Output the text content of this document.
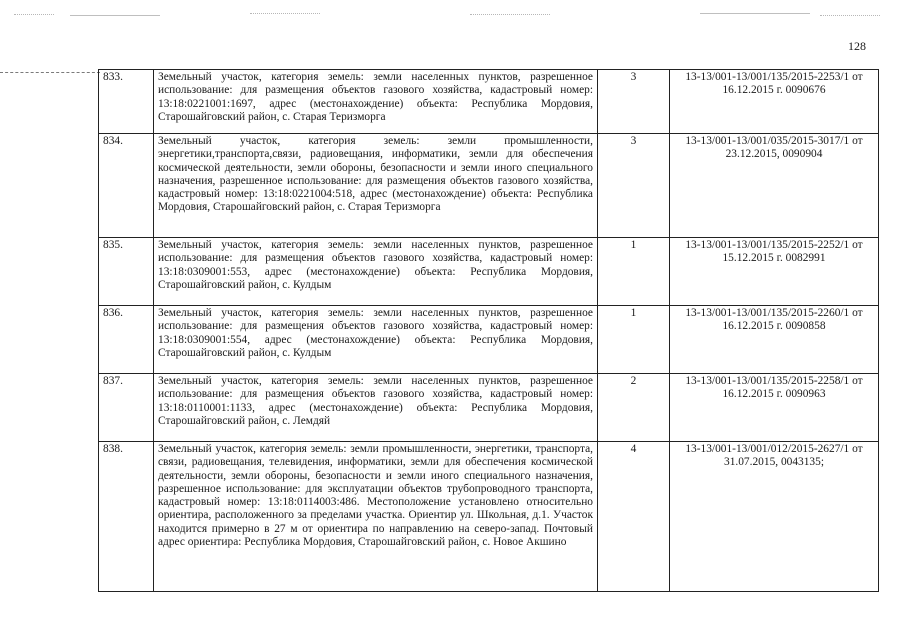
128
833.	Земельный участок, категория земель: земли населенных пунктов, разрешенное использование: для размещения объектов газового хозяйства, кадастровый номер: 13:18:0221001:1697, адрес (местонахождение) объекта: Республика Мордовия, Старошайговский район, с. Старая Теризморга	3	13-13/001-13/001/135/2015-2253/1 от 16.12.2015 г. 0090676
834.	Земельный участок, категория земель: земли промышленности, энергетики,транспорта,связи, радиовещания, информатики, земли для обеспечения космической деятельности, земли обороны, безопасности и земли иного специального назначения, разрешенное использование: для размещения объектов газового хозяйства, кадастровый номер: 13:18:0221004:518, адрес (местонахождение) объекта: Республика Мордовия, Старошайговский район, с. Старая Теризморга	3	13-13/001-13/001/035/2015-3017/1 от 23.12.2015, 0090904
835.	Земельный участок, категория земель: земли населенных пунктов, разрешенное использование: для размещения объектов газового хозяйства, кадастровый номер: 13:18:0309001:553, адрес (местонахождение) объекта: Республика Мордовия, Старошайговский район, с. Кулдым	1	13-13/001-13/001/135/2015-2252/1 от 15.12.2015 г. 0082991
836.	Земельный участок, категория земель: земли населенных пунктов, разрешенное использование: для размещения объектов газового хозяйства, кадастровый номер: 13:18:0309001:554, адрес (местонахождение) объекта: Республика Мордовия, Старошайговский район, с. Кулдым	1	13-13/001-13/001/135/2015-2260/1 от 16.12.2015 г. 0090858
837.	Земельный участок, категория земель: земли населенных пунктов, разрешенное использование: для размещения объектов газового хозяйства, кадастровый номер: 13:18:0110001:1133, адрес (местонахождение) объекта: Республика Мордовия, Старошайговский район, с. Лемдяй	2	13-13/001-13/001/135/2015-2258/1 от 16.12.2015 г. 0090963
838.	Земельный участок, категория земель: земли промышленности, энергетики, транспорта, связи, радиовещания, телевидения, информатики, земли для обеспечения космической деятельности, земли обороны, безопасности и земли иного специального назначения, разрешенное использование: для эксплуатации объектов трубопроводного транспорта, кадастровый номер: 13:18:0114003:486. Местоположение установлено относительно ориентира, расположенного за пределами участка. Ориентир ул. Школьная, д.1. Участок находится примерно в 27 м от ориентира по направлению на северо-запад. Почтовый адрес ориентира: Республика Мордовия, Старошайговский район, с. Новое Акшино	4	13-13/001-13/001/012/2015-2627/1 от 31.07.2015, 0043135;
